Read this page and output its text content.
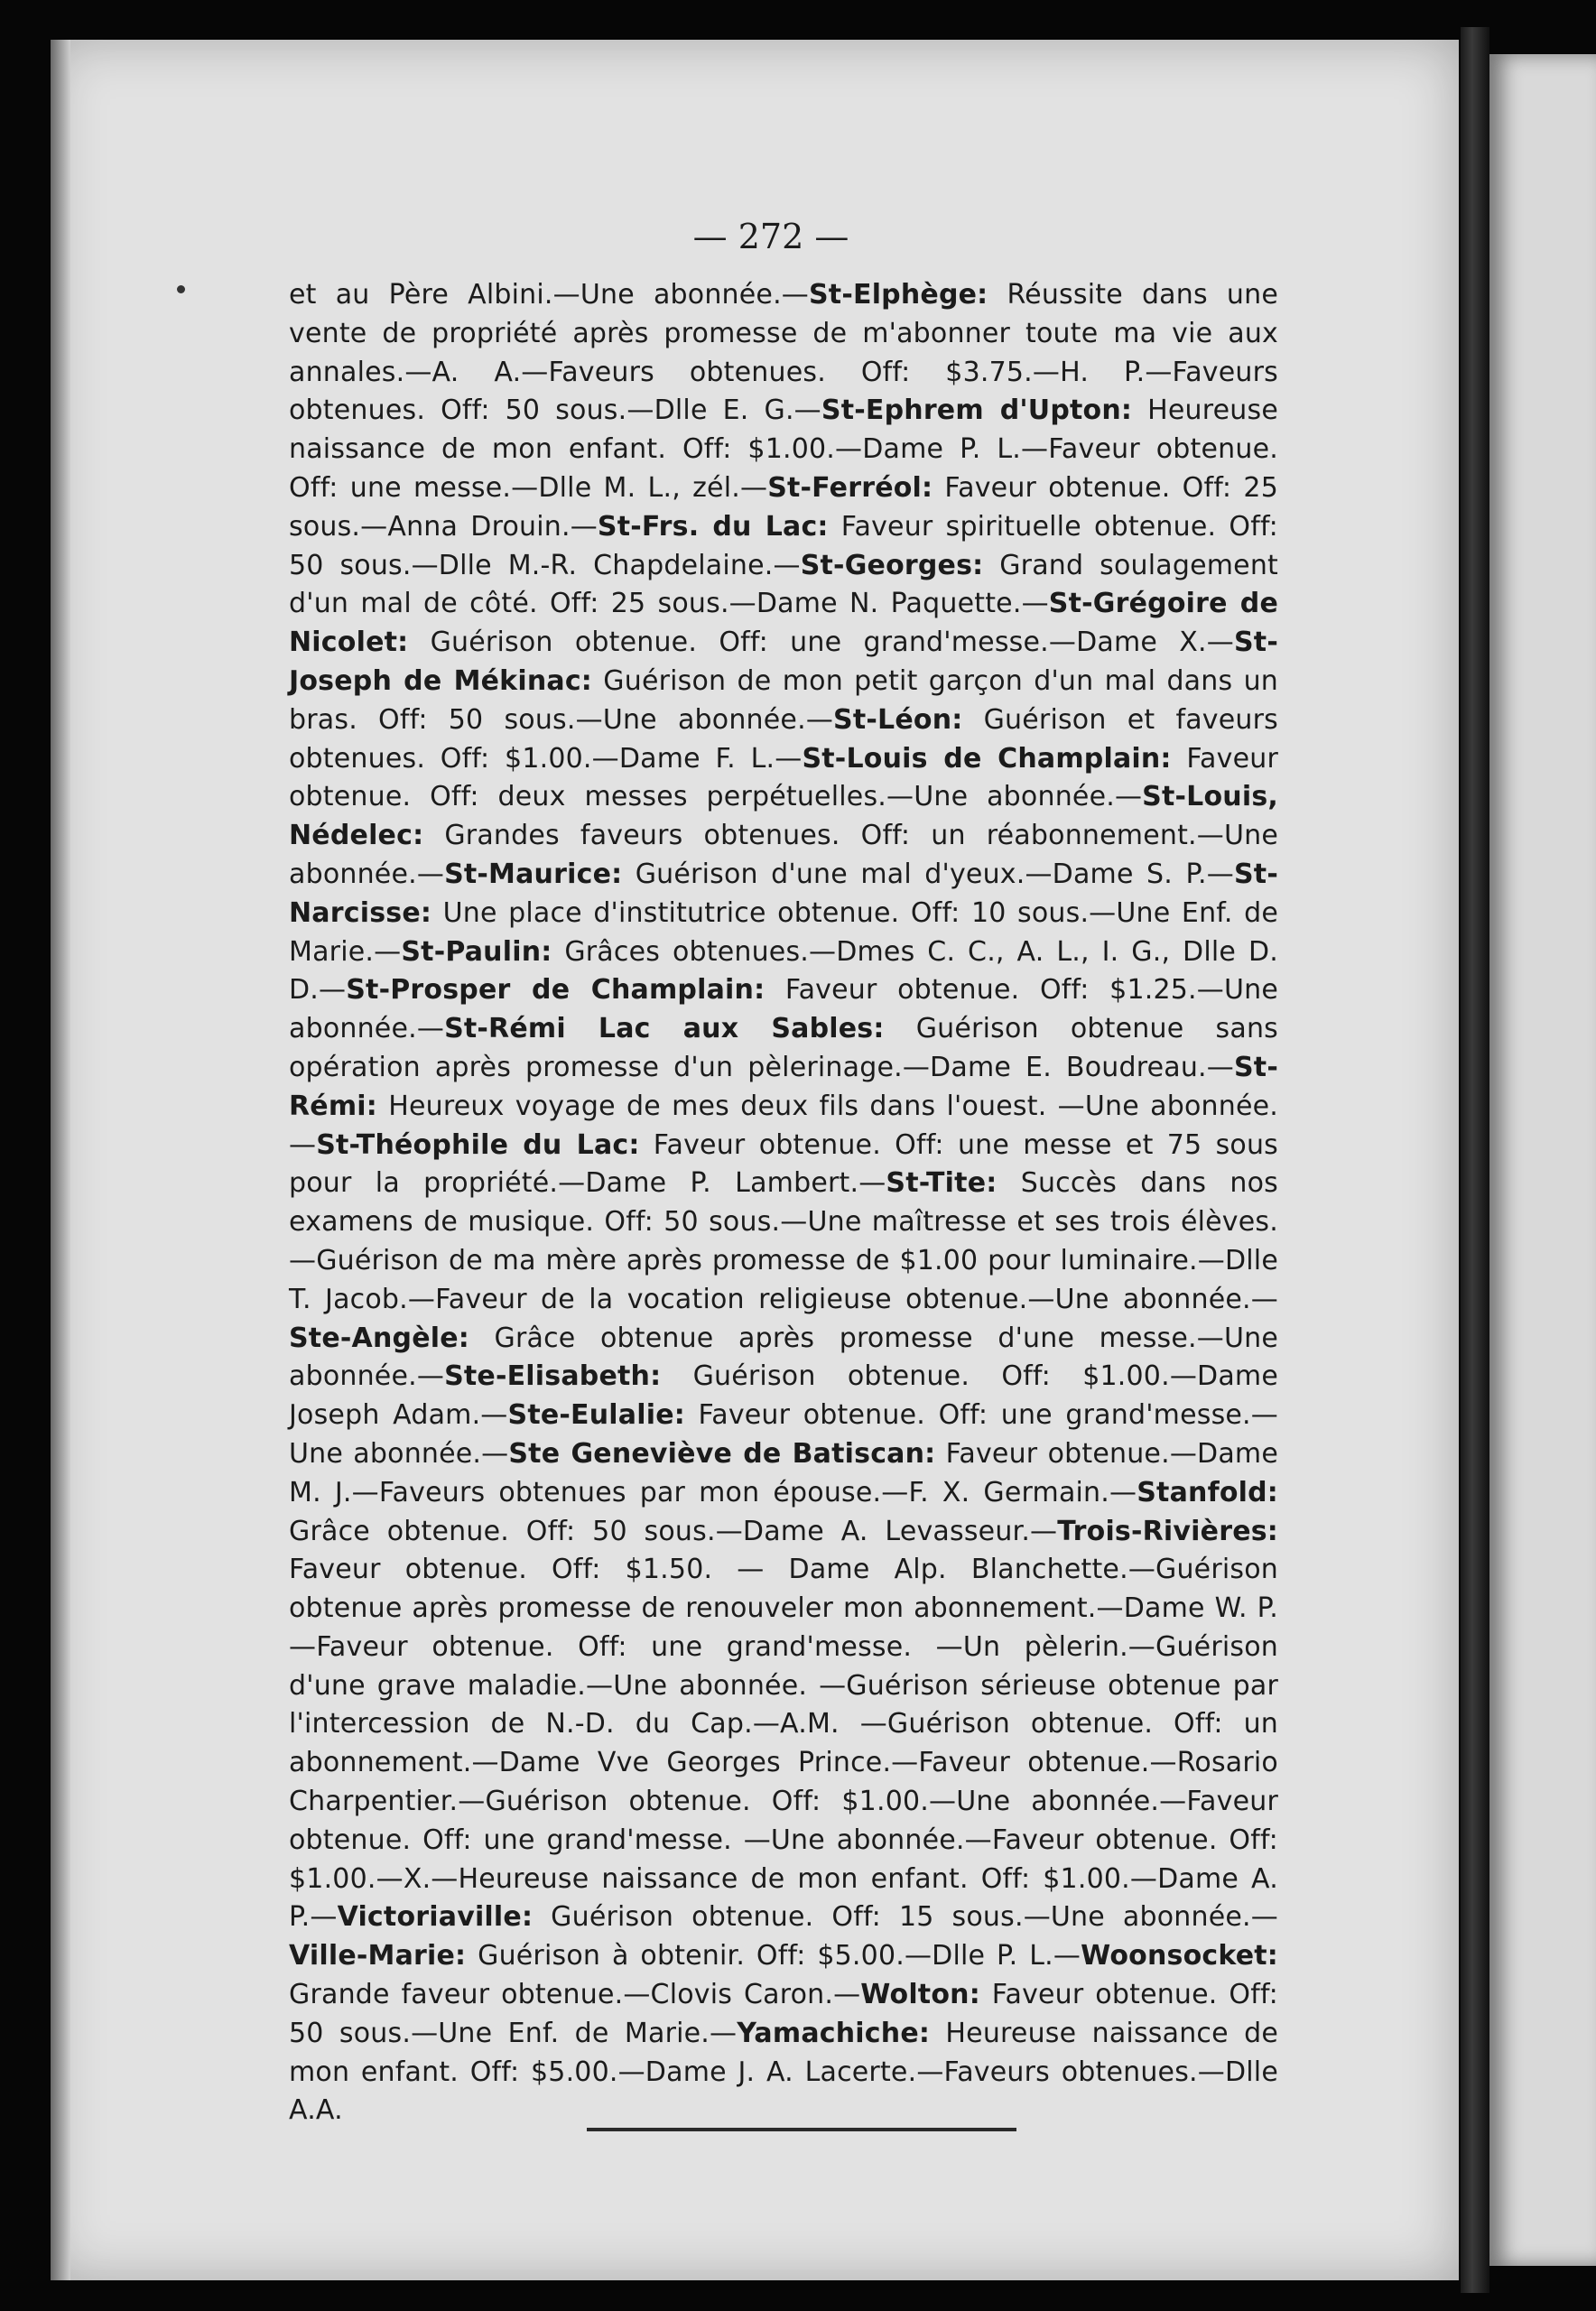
— 272 —
et au Père Albini.—Une abonnée.—St-Elphège: Réussite dans une vente de propriété après promesse de m'abonner toute ma vie aux annales.—A. A.—Faveurs obtenues. Off: $3.75.—H. P.—Faveurs obtenues. Off: 50 sous.—Dlle E. G.—St-Ephrem d'Upton: Heureuse naissance de mon enfant. Off: $1.00.—Dame P. L.—Faveur obtenue. Off: une messe.—Dlle M. L., zél.—St-Ferréol: Faveur obtenue. Off: 25 sous.—Anna Drouin.—St-Frs. du Lac: Faveur spirituelle obtenue. Off: 50 sous.—Dlle M.-R. Chapdelaine.—St-Georges: Grand soulagement d'un mal de côté. Off: 25 sous.—Dame N. Paquette.—St-Grégoire de Nicolet: Guérison obtenue. Off: une grand'messe.—Dame X.—St-Joseph de Mékinac: Guérison de mon petit garçon d'un mal dans un bras. Off: 50 sous.—Une abonnée.—St-Léon: Guérison et faveurs obtenues. Off: $1.00.—Dame F. L.—St-Louis de Champlain: Faveur obtenue. Off: deux messes perpétuelles.—Une abonnée.—St-Louis, Nédelec: Grandes faveurs obtenues. Off: un réabonnement.—Une abonnée.—St-Maurice: Guérison d'une mal d'yeux.—Dame S. P.—St-Narcisse: Une place d'institutrice obtenue. Off: 10 sous.—Une Enf. de Marie.—St-Paulin: Grâces obtenues.—Dmes C. C., A. L., I. G., Dlle D. D.—St-Prosper de Champlain: Faveur obtenue. Off: $1.25.—Une abonnée.—St-Rémi Lac aux Sables: Guérison obtenue sans opération après promesse d'un pèlerinage.—Dame E. Boudreau.—St-Rémi: Heureux voyage de mes deux fils dans l'ouest. —Une abonnée.—St-Théophile du Lac: Faveur obtenue. Off: une messe et 75 sous pour la propriété.—Dame P. Lambert.—St-Tite: Succès dans nos examens de musique. Off: 50 sous.—Une maîtresse et ses trois élèves.—Guérison de ma mère après promesse de $1.00 pour luminaire.—Dlle T. Jacob.—Faveur de la vocation religieuse obtenue.—Une abonnée.—Ste-Angèle: Grâce obtenue après promesse d'une messe.—Une abonnée.—Ste-Elisabeth: Guérison obtenue. Off: $1.00.—Dame Joseph Adam.—Ste-Eulalie: Faveur obtenue. Off: une grand'messe.—Une abonnée.—Ste Geneviève de Batiscan: Faveur obtenue.—Dame M. J.—Faveurs obtenues par mon épouse.—F. X. Germain.—Stanfold: Grâce obtenue. Off: 50 sous.—Dame A. Levasseur.—Trois-Rivières: Faveur obtenue. Off: $1.50. — Dame Alp. Blanchette.—Guérison obtenue après promesse de renouveler mon abonnement.—Dame W. P.—Faveur obtenue. Off: une grand'messe. —Un pèlerin.—Guérison d'une grave maladie.—Une abonnée. —Guérison sérieuse obtenue par l'intercession de N.-D. du Cap.—A.M. —Guérison obtenue. Off: un abonnement.—Dame Vve Georges Prince.—Faveur obtenue.—Rosario Charpentier.—Guérison obtenue. Off: $1.00.—Une abonnée.—Faveur obtenue. Off: une grand'messe. —Une abonnée.—Faveur obtenue. Off: $1.00.—X.—Heureuse naissance de mon enfant. Off: $1.00.—Dame A. P.—Victoriaville: Guérison obtenue. Off: 15 sous.—Une abonnée.—Ville-Marie: Guérison à obtenir. Off: $5.00.—Dlle P. L.—Woonsocket: Grande faveur obtenue.—Clovis Caron.—Wolton: Faveur obtenue. Off: 50 sous.—Une Enf. de Marie.—Yamachiche: Heureuse naissance de mon enfant. Off: $5.00.—Dame J. A. Lacerte.—Faveurs obtenues.—Dlle A.A.
